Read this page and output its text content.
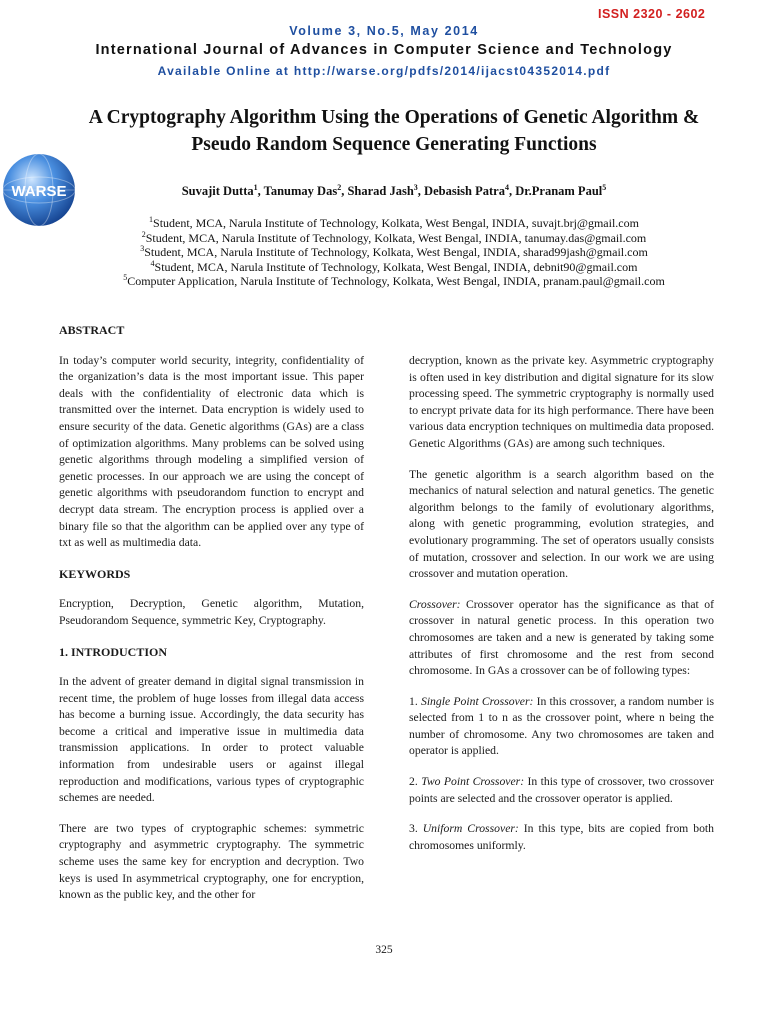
ISSN 2320 - 2602
Volume 3, No.5, May 2014
International Journal of Advances in Computer Science and Technology
Available Online at http://warse.org/pdfs/2014/ijacst04352014.pdf
WARSE
A Cryptography Algorithm Using the Operations of Genetic Algorithm &
Pseudo Random Sequence Generating Functions
Suvajit Dutta$^1$, Tanumay Das$^2$, Sharad Jash$^3$, Debasish Patra$^4$, Dr.Pranam Paul$^5$
$^1$Student, MCA, Narula Institute of Technology, Kolkata, West Bengal, INDIA, suvajt.brj@gmail.com
$^2$Student, MCA, Narula Institute of Technology, Kolkata, West Bengal, INDIA, tanumay.das@gmail.com
$^3$Student, MCA, Narula Institute of Technology, Kolkata, West Bengal, INDIA, sharad99jash@gmail.com
$^4$Student, MCA, Narula Institute of Technology, Kolkata, West Bengal, INDIA, debnit90@gmail.com
$^5$Computer Application, Narula Institute of Technology, Kolkata, West Bengal, INDIA, pranam.paul@gmail.com
ABSTRACT

In today’s computer world security, integrity, confidentiality of the organization’s data is the most important issue. This paper deals with the confidentiality of electronic data which is transmitted over the internet. Data encryption is widely used to ensure security of the data. Genetic algorithms (GAs) are a class of optimization algorithms. Many problems can be solved using genetic algorithms through modeling a simplified version of genetic processes. In our approach we are using the concept of genetic algorithms with pseudorandom function to encrypt and decrypt data stream. The encryption process is applied over a binary file so that the algorithm can be applied over any type of txt as well as multimedia data.

KEYWORDS

Encryption, Decryption, Genetic algorithm, Mutation, Pseudorandom Sequence, symmetric Key, Cryptography.

1. INTRODUCTION

In the advent of greater demand in digital signal transmission in recent time, the problem of huge losses from illegal data access has become a burning issue. Accordingly, the data security has become a critical and imperative issue in multimedia data transmission applications. In order to protect valuable information from undesirable users or against illegal reproduction and modifications, various types of cryptographic schemes are needed.

There are two types of cryptographic schemes: symmetric cryptography and asymmetric cryptography. The symmetric scheme uses the same key for encryption and decryption. Two keys is used In asymmetrical cryptography, one for encryption, known as the public key, and the other for

decryption, known as the private key. Asymmetric cryptography is often used in key distribution and digital signature for its slow processing speed. The symmetric cryptography is normally used to encrypt private data for its high performance. There have been various data encryption techniques on multimedia data proposed. Genetic Algorithms (GAs) are among such techniques.

The genetic algorithm is a search algorithm based on the mechanics of natural selection and natural genetics. The genetic algorithm belongs to the family of evolutionary algorithms, along with genetic programming, evolution strategies, and evolutionary programming. The set of operators usually consists of mutation, crossover and selection. In our work we are using crossover and mutation operation.

Crossover: Crossover operator has the significance as that of crossover in natural genetic process. In this operation two chromosomes are taken and a new is generated by taking some attributes of first chromosome and the rest from second chromosome. In GAs a crossover can be of following types:

1. Single Point Crossover: In this crossover, a random number is selected from 1 to n as the crossover point, where n being the number of chromosome. Any two chromosomes are taken and operator is applied.

2. Two Point Crossover: In this type of crossover, two crossover points are selected and the crossover operator is applied.

3. Uniform Crossover: In this type, bits are copied from both chromosomes uniformly.

325
